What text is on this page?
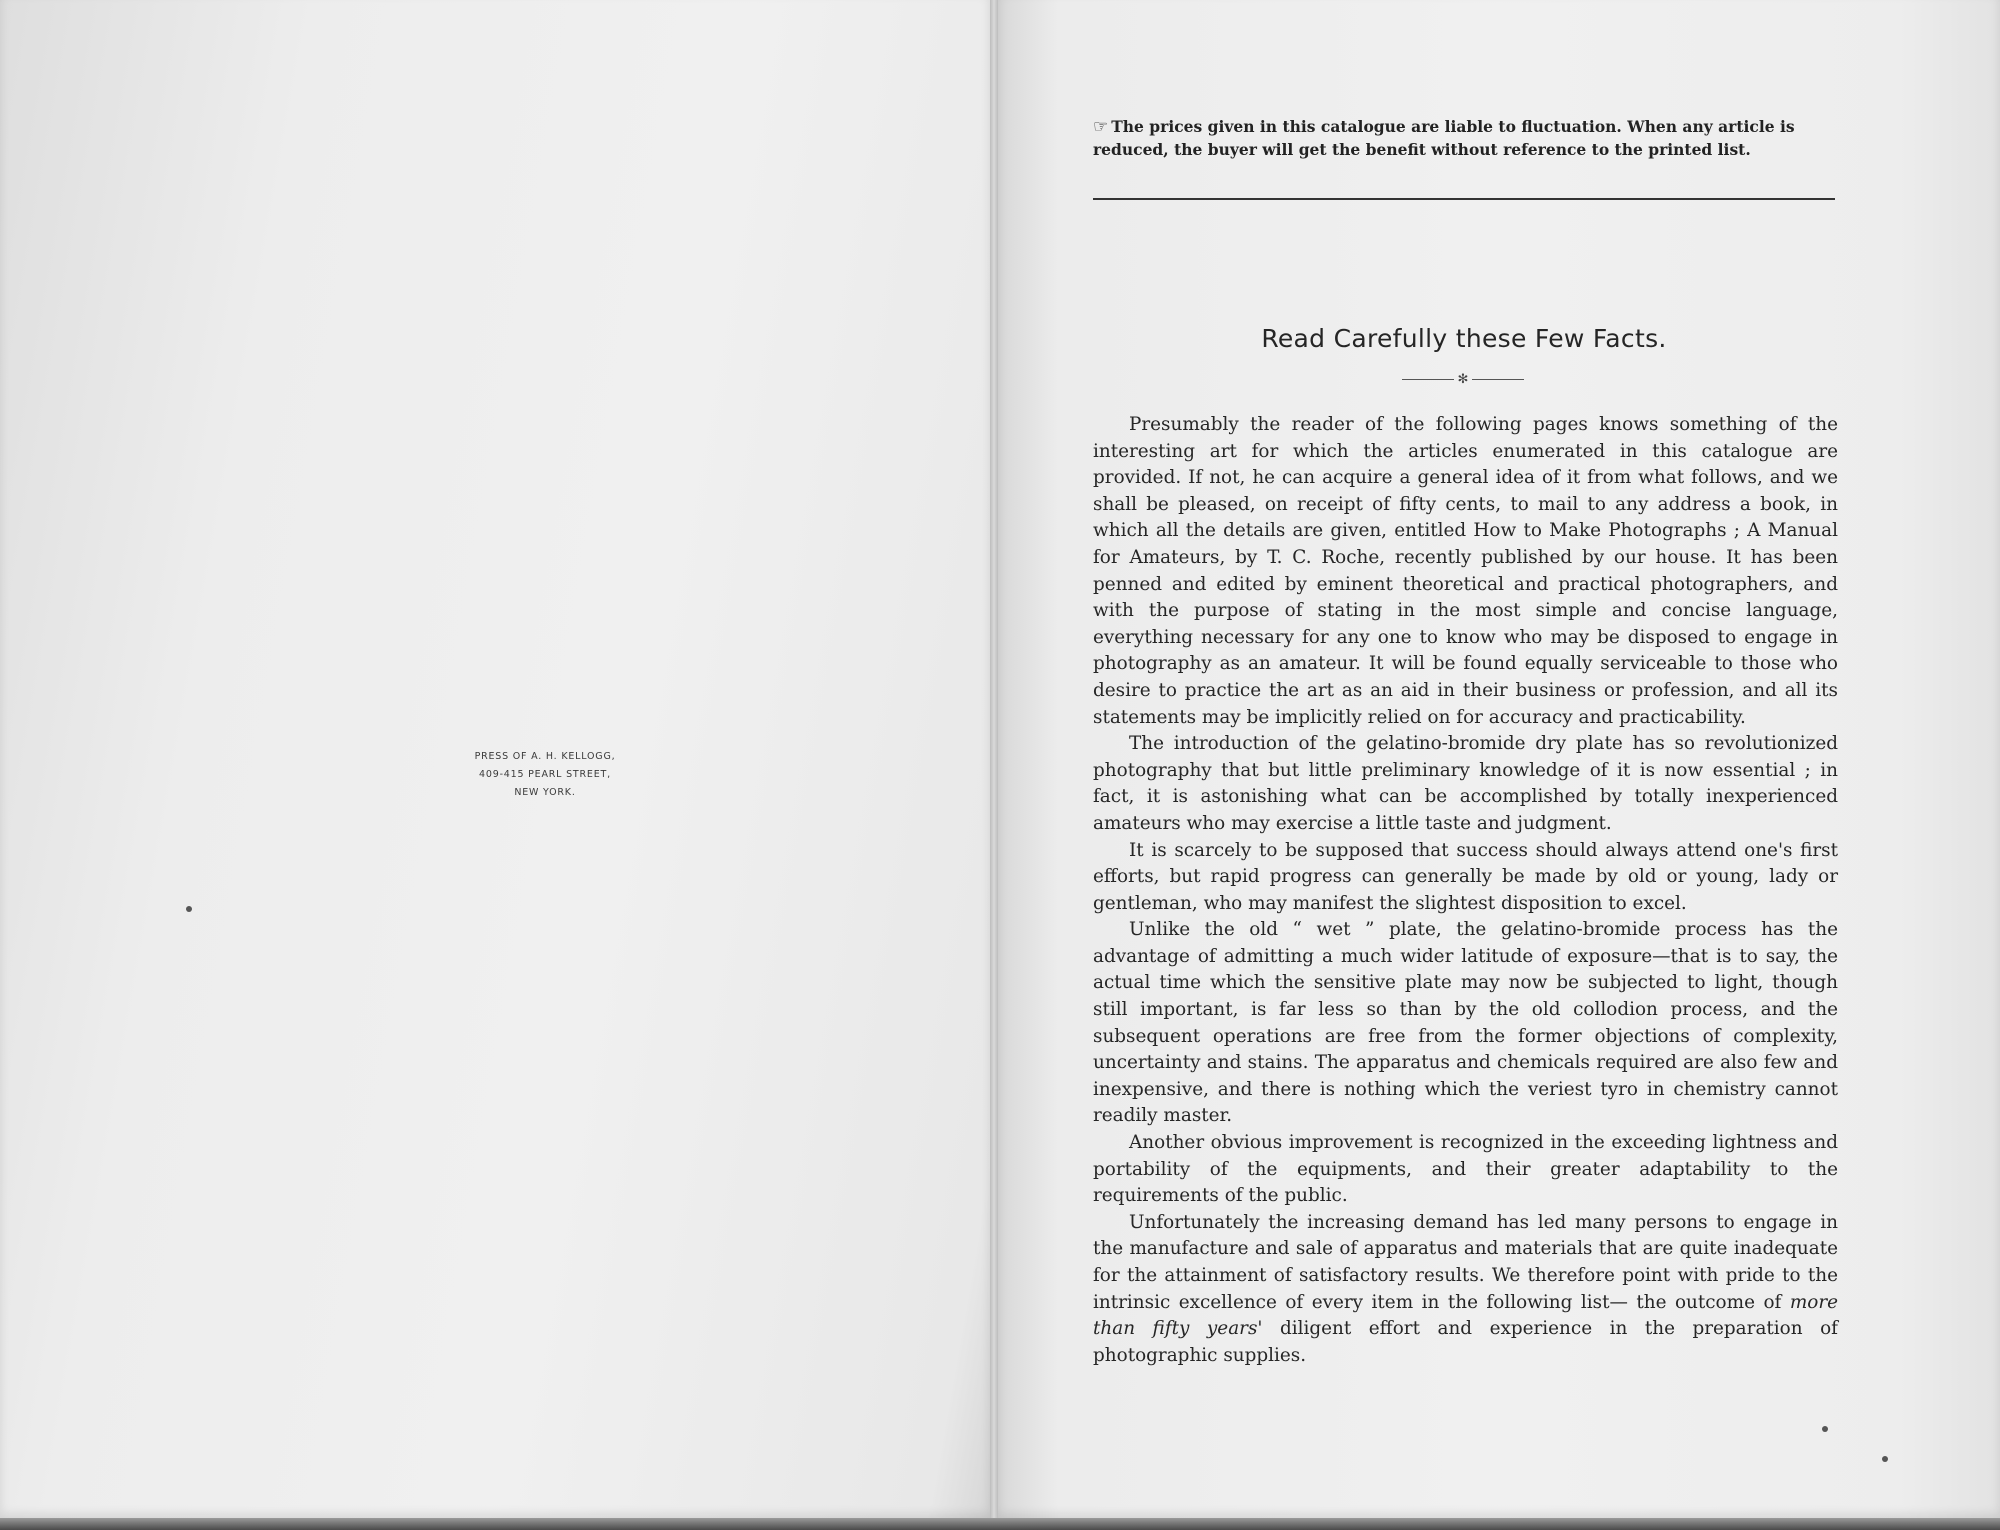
PRESS OF A. H. KELLOGG,
409-415 PEARL STREET,
NEW YORK.
☞ The prices given in this catalogue are liable to fluctuation. When any article is reduced, the buyer will get the benefit without reference to the printed list.
Read Carefully these Few Facts.
✻

Presumably the reader of the following pages knows something of the interesting art for which the articles enumerated in this catalogue are provided. If not, he can acquire a general idea of it from what follows, and we shall be pleased, on receipt of fifty cents, to mail to any address a book, in which all the details are given, entitled How to Make Photographs ; A Manual for Amateurs, by T. C. Roche, recently published by our house. It has been penned and edited by eminent theoretical and practical photographers, and with the purpose of stating in the most simple and concise language, everything necessary for any one to know who may be disposed to engage in photography as an amateur. It will be found equally serviceable to those who desire to practice the art as an aid in their business or profession, and all its statements may be implicitly relied on for accuracy and practicability.

The introduction of the gelatino-bromide dry plate has so revolutionized photography that but little preliminary knowledge of it is now essential ; in fact, it is astonishing what can be accomplished by totally inexperienced amateurs who may exercise a little taste and judgment.

It is scarcely to be supposed that success should always attend one's first efforts, but rapid progress can generally be made by old or young, lady or gentleman, who may manifest the slightest disposition to excel.

Unlike the old “ wet ” plate, the gelatino-bromide process has the advantage of admitting a much wider latitude of exposure—that is to say, the actual time which the sensitive plate may now be subjected to light, though still important, is far less so than by the old collodion process, and the subsequent operations are free from the former objections of complexity, uncertainty and stains. The apparatus and chemicals required are also few and inexpensive, and there is nothing which the veriest tyro in chemistry cannot readily master.

Another obvious improvement is recognized in the exceeding lightness and portability of the equipments, and their greater adaptability to the requirements of the public.

Unfortunately the increasing demand has led many persons to engage in the manufacture and sale of apparatus and materials that are quite inadequate for the attainment of satisfactory results. We therefore point with pride to the intrinsic excellence of every item in the following list— the outcome of more than fifty years' diligent effort and experience in the preparation of photographic supplies.
